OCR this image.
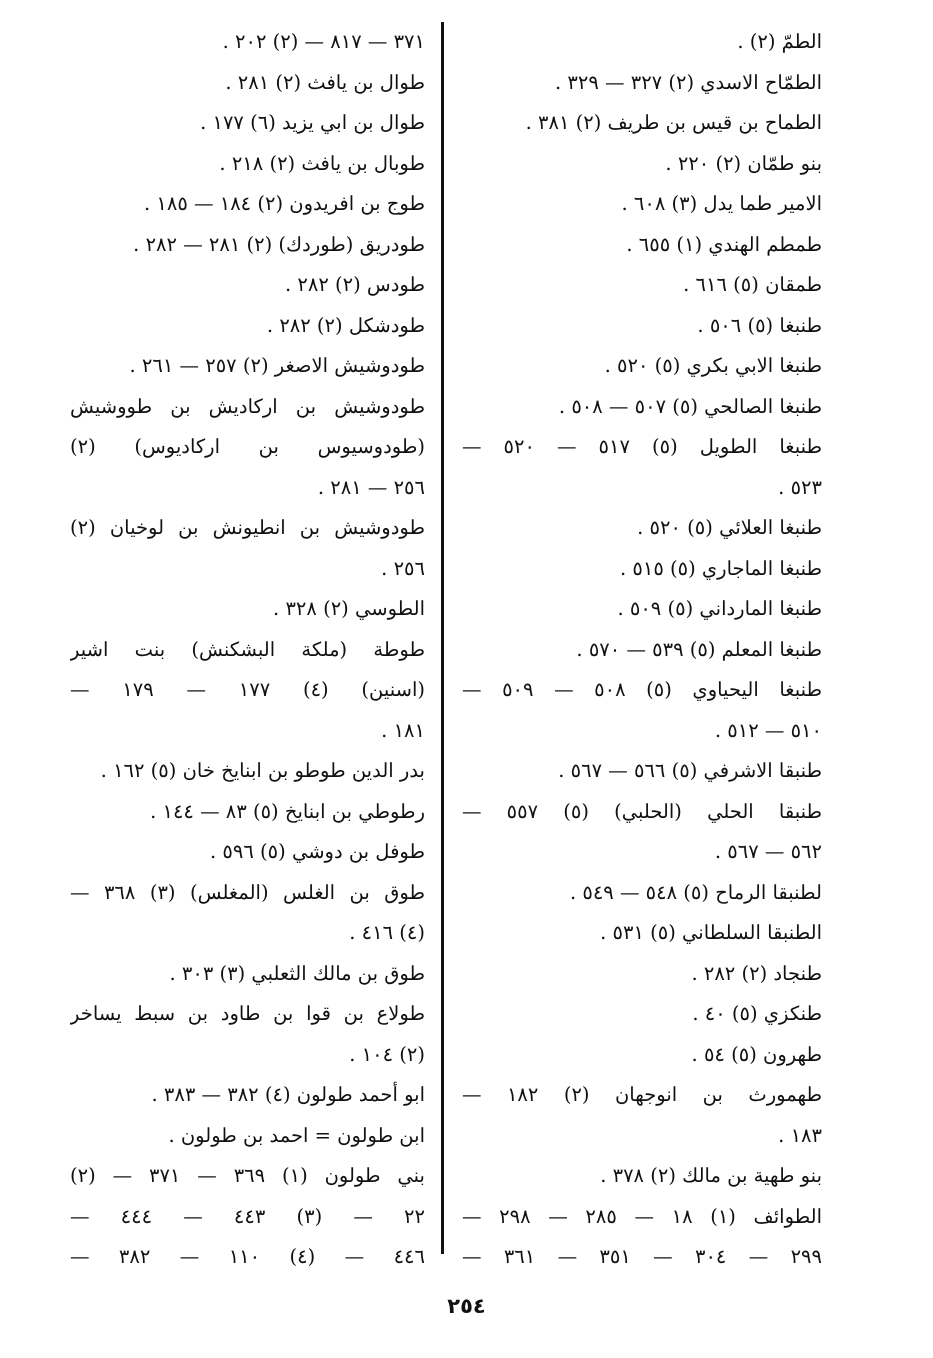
الطمّ (٢) .
الطمّاح الاسدي (٢) ٣٢٧ — ٣٢٩ .
الطماح بن قيس بن طريف (٢) ٣٨١ .
بنو طمّان (٢) ٢٢٠ .
الامير طما يدل (٣) ٦٠٨ .
طمطم الهندي (١) ٦٥٥ .
طمقان (٥) ٦١٦ .
طنبغا (٥) ٥٠٦ .
طنبغا الابي بكري (٥) ٥٢٠ .
طنبغا الصالحي (٥) ٥٠٧ — ٥٠٨ .
طنبغا الطويل (٥) ٥١٧ — ٥٢٠ —
٥٢٣ .
طنبغا العلائي (٥) ٥٢٠ .
طنبغا الماجاري (٥) ٥١٥ .
طنبغا المارداني (٥) ٥٠٩ .
طنبغا المعلم (٥) ٥٣٩ — ٥٧٠ .
طنبغا اليحياوي (٥) ٥٠٨ — ٥٠٩ —
٥١٠ — ٥١٢ .
طنبقا الاشرفي (٥) ٥٦٦ — ٥٦٧ .
طنبقا الحلي (الحلبي) (٥) ٥٥٧ —
٥٦٢ — ٥٦٧ .
لطنبقا الرماح (٥) ٥٤٨ — ٥٤٩ .
الطنبقا السلطاني (٥) ٥٣١ .
طنجاد (٢) ٢٨٢ .
طنكزي (٥) ٤٠ .
طهرون (٥) ٥٤ .
طهمورث بن انوجهان (٢) ١٨٢ —
١٨٣ .
بنو طهية بن مالك (٢) ٣٧٨ .
الطوائف (١) ١٨ — ٢٨٥ — ٢٩٨ —
٢٩٩ — ٣٠٤ — ٣٥١ — ٣٦١ —
٣٧١ — ٨١٧ — (٢) ٢٠٢ .
طوال بن يافث (٢) ٢٨١ .
طوال بن ابي يزيد (٦) ١٧٧ .
طوبال بن يافث (٢) ٢١٨ .
طوج بن افريدون (٢) ١٨٤ — ١٨٥ .
طودريق (طوردك) (٢) ٢٨١ — ٢٨٢ .
طودس (٢) ٢٨٢ .
طودشكل (٢) ٢٨٢ .
طودوشيش الاصغر (٢) ٢٥٧ — ٢٦١ .
طودوشيش بن اركاديش بن طووشيش
(طودوسيوس بن اركاديوس) (٢)
٢٥٦ — ٢٨١ .
طودوشيش بن انطيونش بن لوخيان (٢)
٢٥٦ .
الطوسي (٢) ٣٢٨ .
طوطة (ملكة البشكنش) بنت اشير
(اسنين) (٤) ١٧٧ — ١٧٩ —
١٨١ .
بدر الدين طوطو بن ابنايخ خان (٥) ١٦٢ .
رطوطي بن ابنايخ (٥) ٨٣ — ١٤٤ .
طوفل بن دوشي (٥) ٥٩٦ .
طوق بن الغلس (المغلس) (٣) ٣٦٨ —
(٤) ٤١٦ .
طوق بن مالك الثعلبي (٣) ٣٠٣ .
طولاع بن قوا بن طاود بن سبط يساخر
(٢) ١٠٤ .
ابو أحمد طولون (٤) ٣٨٢ — ٣٨٣ .
ابن طولون = احمد بن طولون .
بني طولون (١) ٣٦٩ — ٣٧١ — (٢)
٢٢ — (٣) ٤٤٣ — ٤٤٤ —
٤٤٦ — (٤) ١١٠ — ٣٨٢ —
٢٥٤
